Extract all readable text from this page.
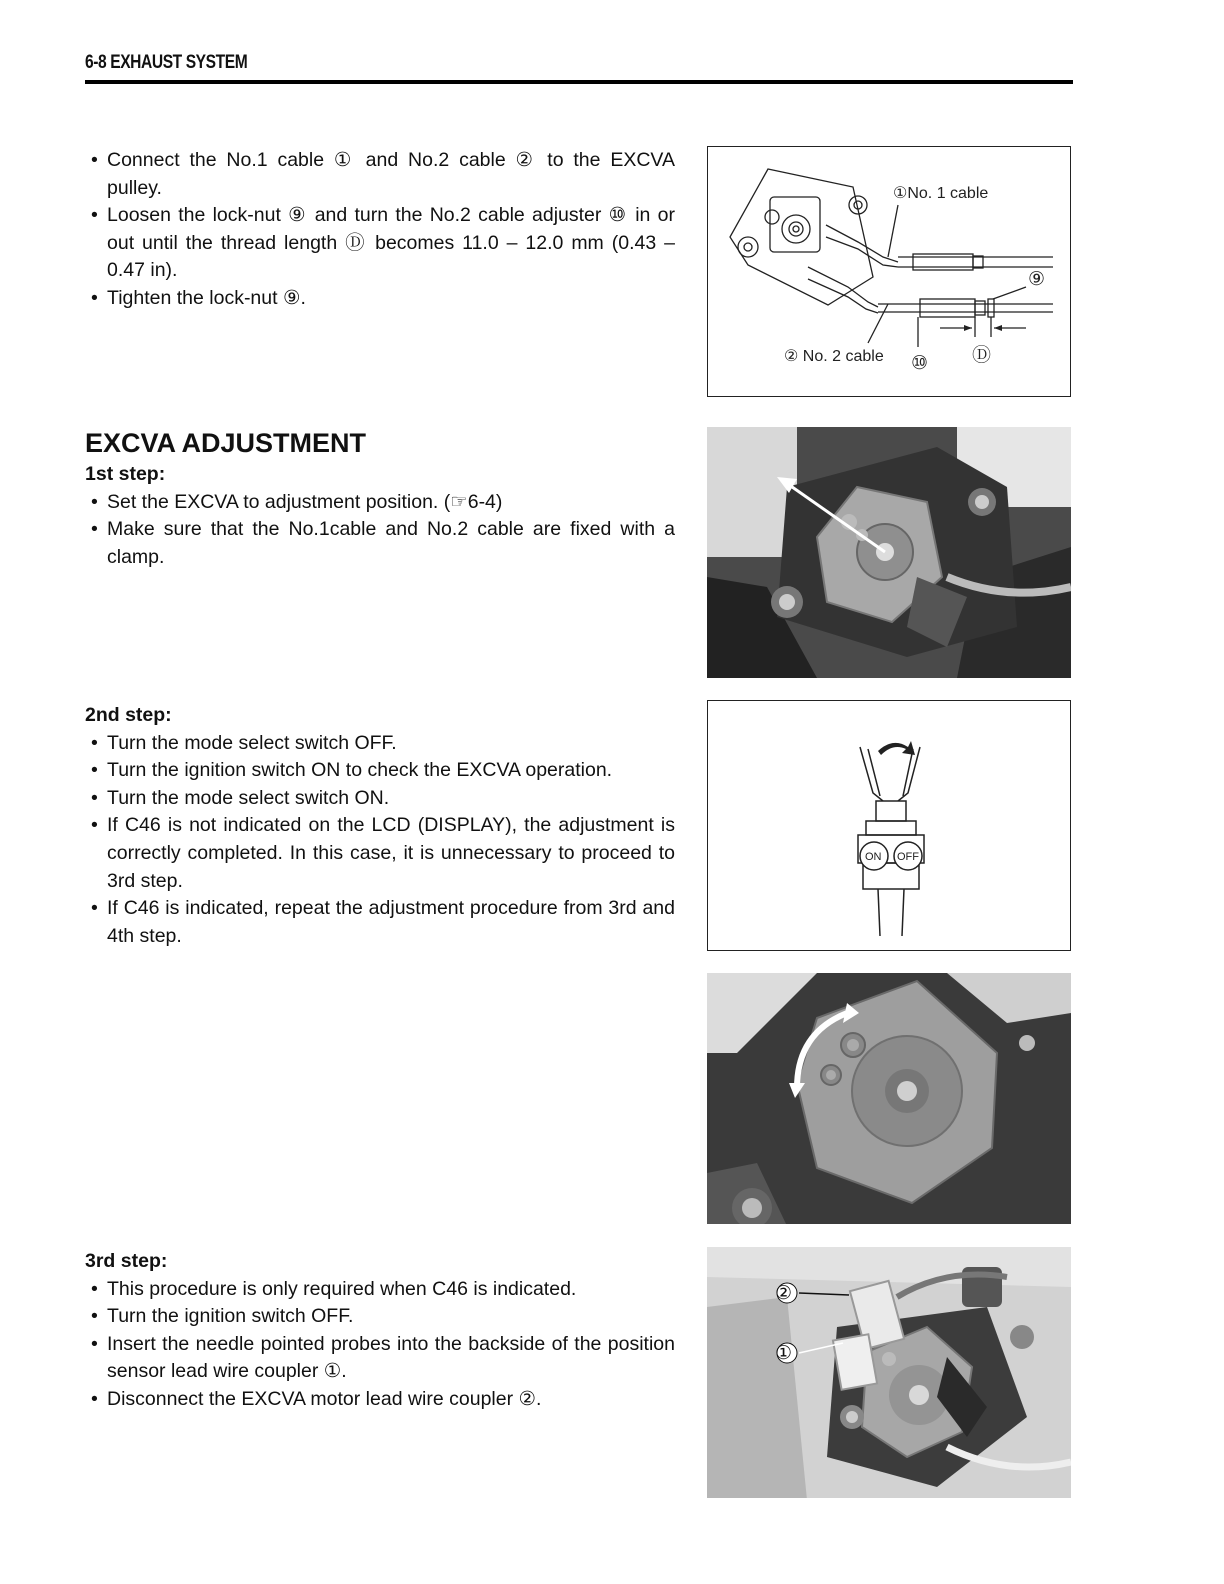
6-8 EXHAUST SYSTEM
• Connect the No.1 cable ① and No.2 cable ② to the EXCVA pulley.
• Loosen the lock-nut ⑨ and turn the No.2 cable adjuster ⑩ in or out until the thread length Ⓓ becomes 11.0 – 12.0 mm (0.43 – 0.47 in).
• Tighten the lock-nut ⑨.
①No. 1 cable
② No. 2 cable
⑨
⑩ Ⓓ
EXCVA ADJUSTMENT
1st step:
• Set the EXCVA to adjustment position. (☞6-4)
• Make sure that the No.1cable and No.2 cable are fixed with a clamp.
2nd step:
• Turn the mode select switch OFF.
• Turn the ignition switch ON to check the EXCVA operation.
• Turn the mode select switch ON.
• If C46 is not indicated on the LCD (DISPLAY), the adjustment is correctly completed. In this case, it is unnecessary to proceed to 3rd step.
• If C46 is indicated, repeat the adjustment procedure from 3rd and 4th step.
ON OFF
3rd step:
• This procedure is only required when C46 is indicated.
• Turn the ignition switch OFF.
• Insert the needle pointed probes into the backside of the position sensor lead wire coupler ①.
• Disconnect the EXCVA motor lead wire coupler ②.
②
①
